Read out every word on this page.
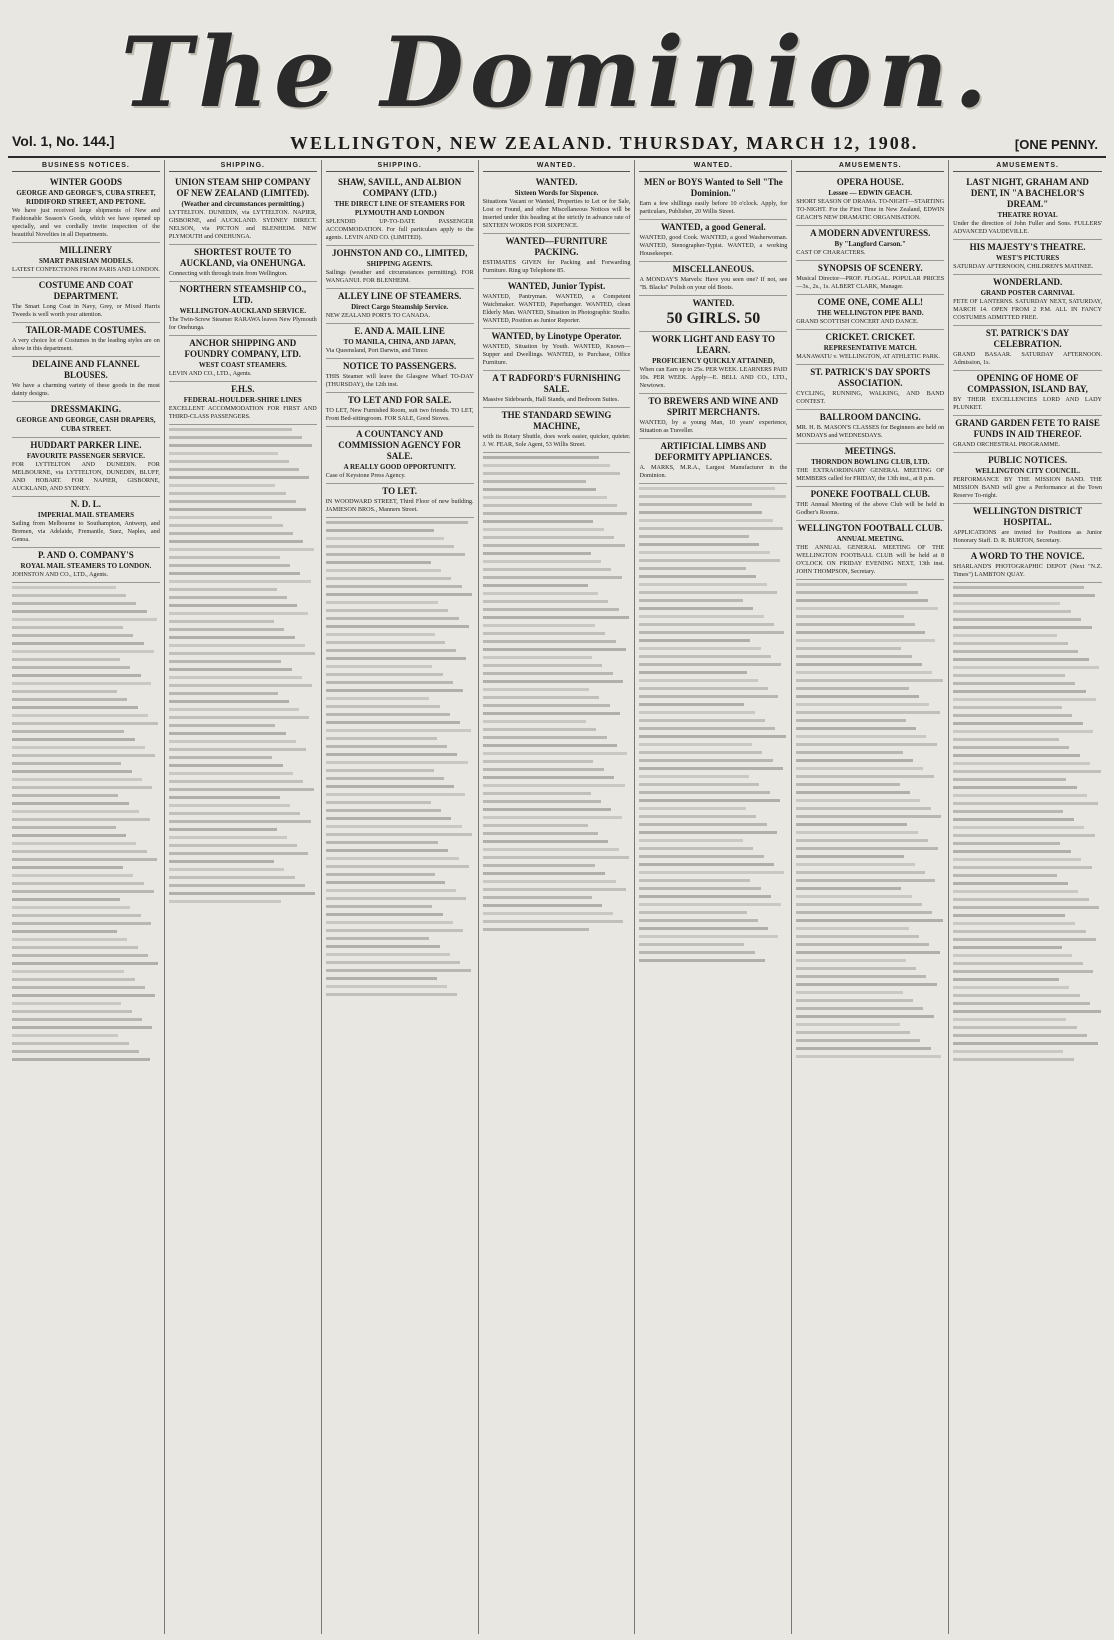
The Dominion.
Vol. 1, No. 144.]	WELLINGTON, NEW ZEALAND. THURSDAY, MARCH 12, 1908.	[ONE PENNY.
BUSINESS NOTICES.
WINTER GOODS
GEORGE AND GEORGE'S, CUBA STREET, RIDDIFORD STREET, AND PETONE.
We have just received large shipments of New and Fashionable Season's Goods, which we have opened up specially, and we cordially invite inspection of the beautiful Novelties in all Departments.
MILLINERY
SMART PARISIAN MODELS.
LATEST CONFECTIONS FROM PARIS AND LONDON.
COSTUME AND COAT DEPARTMENT.
The Smart Long Coat in Navy, Grey, or Mixed Harris Tweeds is well worth your attention.
TAILOR-MADE COSTUMES.
A very choice lot of Costumes in the leading styles are on show in this department.
DELAINE AND FLANNEL BLOUSES.
We have a charming variety of these goods in the most dainty designs.
DRESSMAKING.
GEORGE AND GEORGE, CASH DRAPERS, CUBA STREET.
HUDDART PARKER LINE.
FAVOURITE PASSENGER SERVICE.
FOR LYTTELTON AND DUNEDIN. FOR MELBOURNE, via LYTTELTON, DUNEDIN, BLUFF, AND HOBART. FOR NAPIER, GISBORNE, AUCKLAND, AND SYDNEY.
N. D. L.
IMPERIAL MAIL STEAMERS
Sailing from Melbourne to Southampton, Antwerp, and Bremen, via Adelaide, Fremantle, Suez, Naples, and Genoa.
P. AND O. COMPANY'S
ROYAL MAIL STEAMERS TO LONDON.
JOHNSTON AND CO., LTD., Agents.
SHIPPING.
UNION STEAM SHIP COMPANY OF NEW ZEALAND (LIMITED).
(Weather and circumstances permitting.)
LYTTELTON. DUNEDIN, via LYTTELTON. NAPIER, GISBORNE, and AUCKLAND. SYDNEY DIRECT. NELSON, via PICTON and BLENHEIM. NEW PLYMOUTH and ONEHUNGA.
SHORTEST ROUTE TO AUCKLAND, via ONEHUNGA.
Connecting with through train from Wellington.
NORTHERN STEAMSHIP CO., LTD.
WELLINGTON-AUCKLAND SERVICE.
The Twin-Screw Steamer RARAWA leaves New Plymouth for Onehunga.
ANCHOR SHIPPING AND FOUNDRY COMPANY, LTD.
WEST COAST STEAMERS.
LEVIN AND CO., LTD., Agents.
F.H.S.
FEDERAL-HOULDER-SHIRE LINES
EXCELLENT ACCOMMODATION FOR FIRST AND THIRD-CLASS PASSENGERS.
SHIPPING.
SHAW, SAVILL, AND ALBION COMPANY (LTD.)
THE DIRECT LINE OF STEAMERS FOR PLYMOUTH AND LONDON
SPLENDID UP-TO-DATE PASSENGER ACCOMMODATION. For full particulars apply to the agents. LEVIN AND CO. (LIMITED).
JOHNSTON AND CO., LIMITED,
SHIPPING AGENTS.
Sailings (weather and circumstances permitting). FOR WANGANUI. FOR BLENHEIM.
ALLEY LINE OF STEAMERS.
Direct Cargo Steamship Service.
NEW ZEALAND PORTS TO CANADA.
E. AND A. MAIL LINE
TO MANILA, CHINA, AND JAPAN,
Via Queensland, Port Darwin, and Timor.
NOTICE TO PASSENGERS.
THIS Steamer will leave the Glasgow Wharf TO-DAY (THURSDAY), the 12th inst.
TO LET AND FOR SALE.
TO LET, New Furnished Room, suit two friends. TO LET, Front Bed-sittingroom. FOR SALE, Good Stoves.
A COUNTANCY AND COMMISSION AGENCY FOR SALE.
A REALLY GOOD OPPORTUNITY.
Case of Keystone Press Agency.
TO LET.
IN WOODWARD STREET, Third Floor of new building. JAMIESON BROS., Manners Street.
WANTED.
WANTED.
Sixteen Words for Sixpence.
Situations Vacant or Wanted, Properties to Let or for Sale, Lost or Found, and other Miscellaneous Notices will be inserted under this heading at the strictly in advance rate of SIXTEEN WORDS FOR SIXPENCE.
WANTED—FURNITURE PACKING.
ESTIMATES GIVEN for Packing and Forwarding Furniture. Ring up Telephone 85.
WANTED, Junior Typist.
WANTED, Pantryman. WANTED, a Competent Watchmaker. WANTED, Paperhanger. WANTED, clean Elderly Man. WANTED, Situation in Photographic Studio. WANTED, Position as Junior Reporter.
WANTED, by Linotype Operator.
WANTED, Situation by Youth. WANTED, Known—Supper and Dwellings. WANTED, to Purchase, Office Furniture.
A T RADFORD'S FURNISHING SALE.
Massive Sideboards, Hall Stands, and Bedroom Suites.
THE STANDARD SEWING MACHINE,
with its Rotary Shuttle, does work easier, quicker, quieter. J. W. FEAR, Sole Agent, 53 Willis Street.
WANTED.
MEN or BOYS Wanted to Sell "The Dominion."
Earn a few shillings easily before 10 o'clock. Apply, for particulars, Publisher, 20 Willis Street.
WANTED, a good General.
WANTED, good Cook. WANTED, a good Washerwoman. WANTED, Stenographer-Typist. WANTED, a working Housekeeper.
MISCELLANEOUS.
A MONDAY'S Marvels: Have you seen one? If not, see "B. Blacks" Polish on your old Boots.
WANTED.
50 GIRLS. 50
WORK LIGHT AND EASY TO LEARN.
PROFICIENCY QUICKLY ATTAINED,
When can Earn up to 25s. PER WEEK. LEARNERS PAID 10s. PER WEEK. Apply—E. BELL AND CO., LTD., Newtown.
TO BREWERS AND WINE AND SPIRIT MERCHANTS.
WANTED, by a young Man, 10 years' experience, Situation as Traveller.
ARTIFICIAL LIMBS AND DEFORMITY APPLIANCES.
A. MARKS, M.R.A., Largest Manufacturer in the Dominion.
AMUSEMENTS.
OPERA HOUSE.
Lessee — EDWIN GEACH.
SHORT SEASON OF DRAMA. TO-NIGHT—STARTING TO-NIGHT. For the First Time in New Zealand, EDWIN GEACH'S NEW DRAMATIC ORGANISATION.
A MODERN ADVENTURESS.
By "Langford Carson."
CAST OF CHARACTERS.
SYNOPSIS OF SCENERY.
Musical Director—PROF. FLOGAL. POPULAR PRICES—3s., 2s., 1s. ALBERT CLARK, Manager.
COME ONE, COME ALL!
THE WELLINGTON PIPE BAND.
GRAND SCOTTISH CONCERT AND DANCE.
CRICKET. CRICKET.
REPRESENTATIVE MATCH.
MANAWATU v. WELLINGTON, AT ATHLETIC PARK.
ST. PATRICK'S DAY SPORTS ASSOCIATION.
CYCLING, RUNNING, WALKING, AND BAND CONTEST.
BALLROOM DANCING.
MR. H. B. MASON'S CLASSES for Beginners are held on MONDAYS and WEDNESDAYS.
MEETINGS.
THORNDON BOWLING CLUB, LTD.
THE EXTRAORDINARY GENERAL MEETING OF MEMBERS called for FRIDAY, the 13th inst., at 8 p.m.
PONEKE FOOTBALL CLUB.
THE Annual Meeting of the above Club will be held in Godber's Rooms.
WELLINGTON FOOTBALL CLUB.
ANNUAL MEETING.
THE ANNUAL GENERAL MEETING OF THE WELLINGTON FOOTBALL CLUB will be held at 8 O'CLOCK ON FRIDAY EVENING NEXT, 13th inst. JOHN THOMPSON, Secretary.
AMUSEMENTS.
LAST NIGHT, GRAHAM AND DENT, IN "A BACHELOR'S DREAM."
THEATRE ROYAL
Under the direction of John Fuller and Sons. FULLERS' ADVANCED VAUDEVILLE.
HIS MAJESTY'S THEATRE.
WEST'S PICTURES
SATURDAY AFTERNOON, CHILDREN'S MATINEE.
WONDERLAND.
GRAND POSTER CARNIVAL
FETE OF LANTERNS. SATURDAY NEXT, SATURDAY, MARCH 14. OPEN FROM 2 P.M. ALL IN FANCY COSTUMES ADMITTED FREE.
ST. PATRICK'S DAY CELEBRATION.
GRAND BASAAR. SATURDAY AFTERNOON. Admission, 1s.
OPENING OF HOME OF COMPASSION, ISLAND BAY,
BY THEIR EXCELLENCIES LORD AND LADY PLUNKET.
GRAND GARDEN FETE TO RAISE FUNDS IN AID THEREOF.
GRAND ORCHESTRAL PROGRAMME.
PUBLIC NOTICES.
WELLINGTON CITY COUNCIL.
PERFORMANCE BY THE MISSION BAND. THE MISSION BAND will give a Performance at the Town Reserve To-night.
WELLINGTON DISTRICT HOSPITAL.
APPLICATIONS are invited for Positions as Junior Honorary Staff. D. R. BURTON, Secretary.
A WORD TO THE NOVICE.
SHARLAND'S PHOTOGRAPHIC DEPOT (Next "N.Z. Times") LAMBTON QUAY.
